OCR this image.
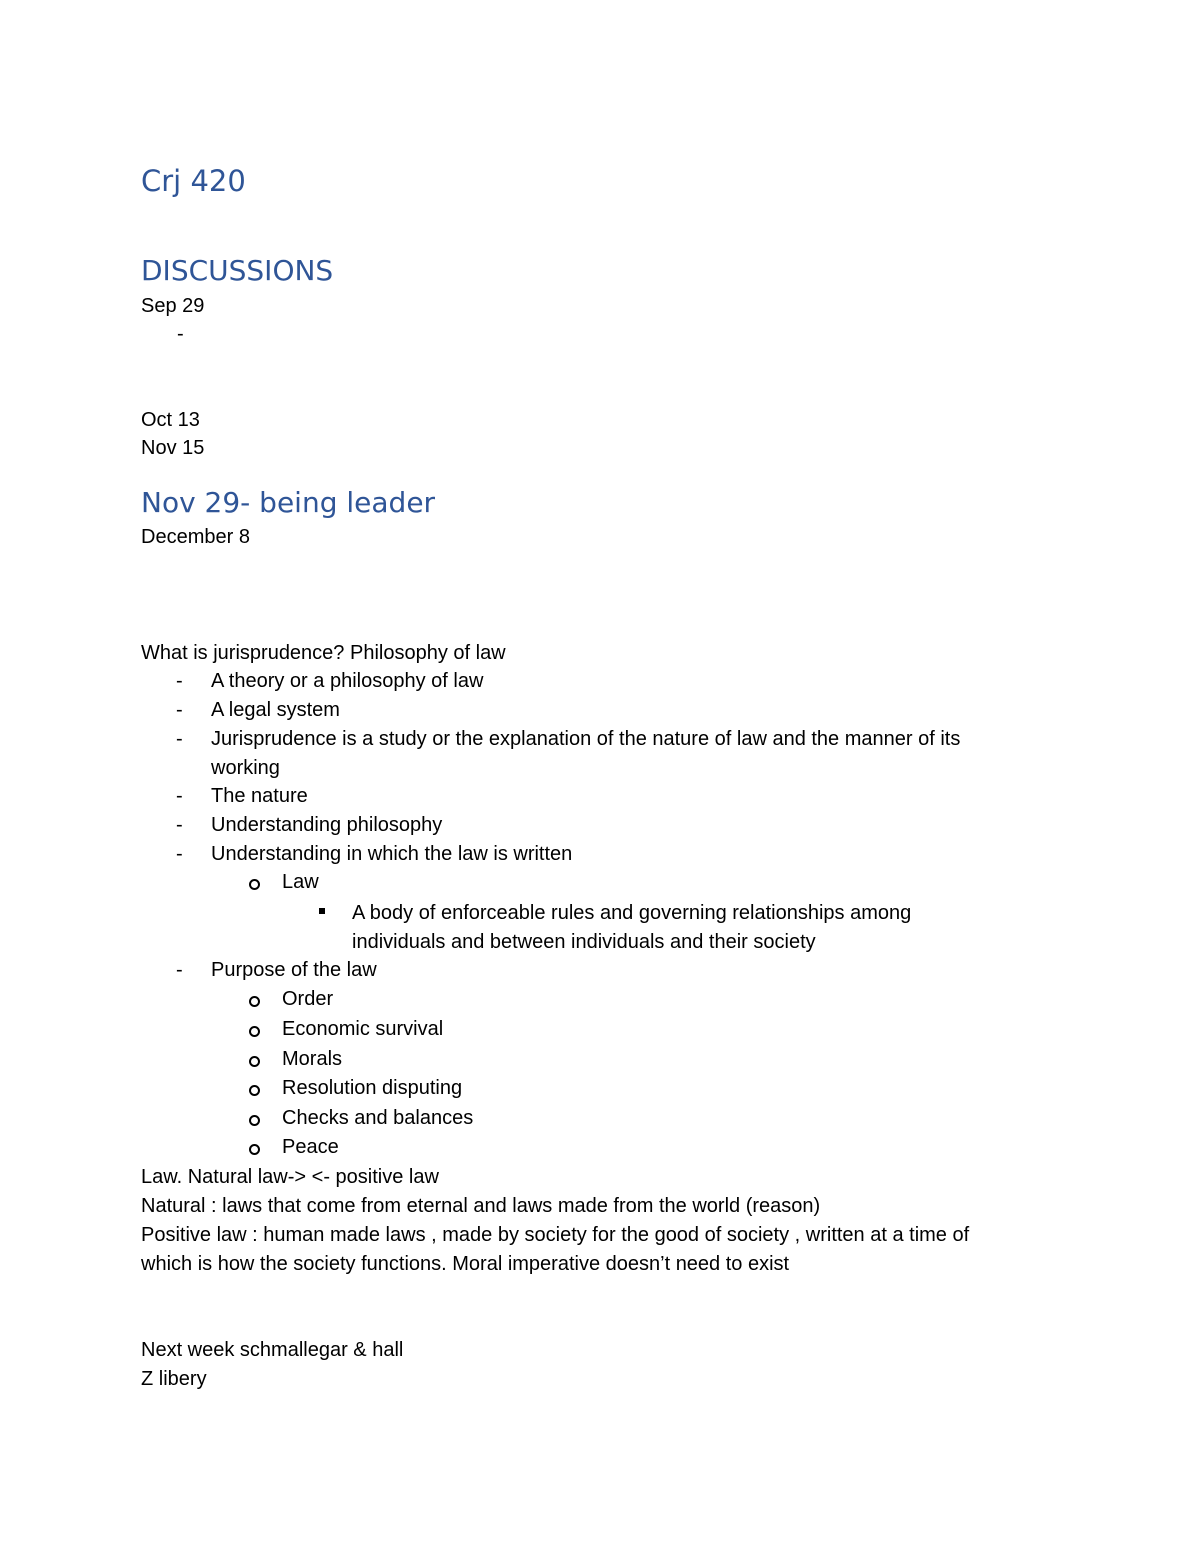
Crj 420
DISCUSSIONS
Sep 29
-
Oct 13
Nov 15
Nov 29- being leader
December 8
What is jurisprudence? Philosophy of law
- A theory or a philosophy of law
- A legal system
- Jurisprudence is a study or the explanation of the nature of law and the manner of its
working
- The nature
- Understanding philosophy
- Understanding in which the law is written
Law
A body of enforceable rules and governing relationships among
individuals and between individuals and their society
- Purpose of the law
Order
Economic survival
Morals
Resolution disputing
Checks and balances
Peace
Law. Natural law-> <- positive law
Natural : laws that come from eternal and laws made from the world (reason)
Positive law : human made laws , made by society for the good of society , written at a time of
which is how the society functions. Moral imperative doesn’t need to exist
Next week schmallegar & hall
Z libery
